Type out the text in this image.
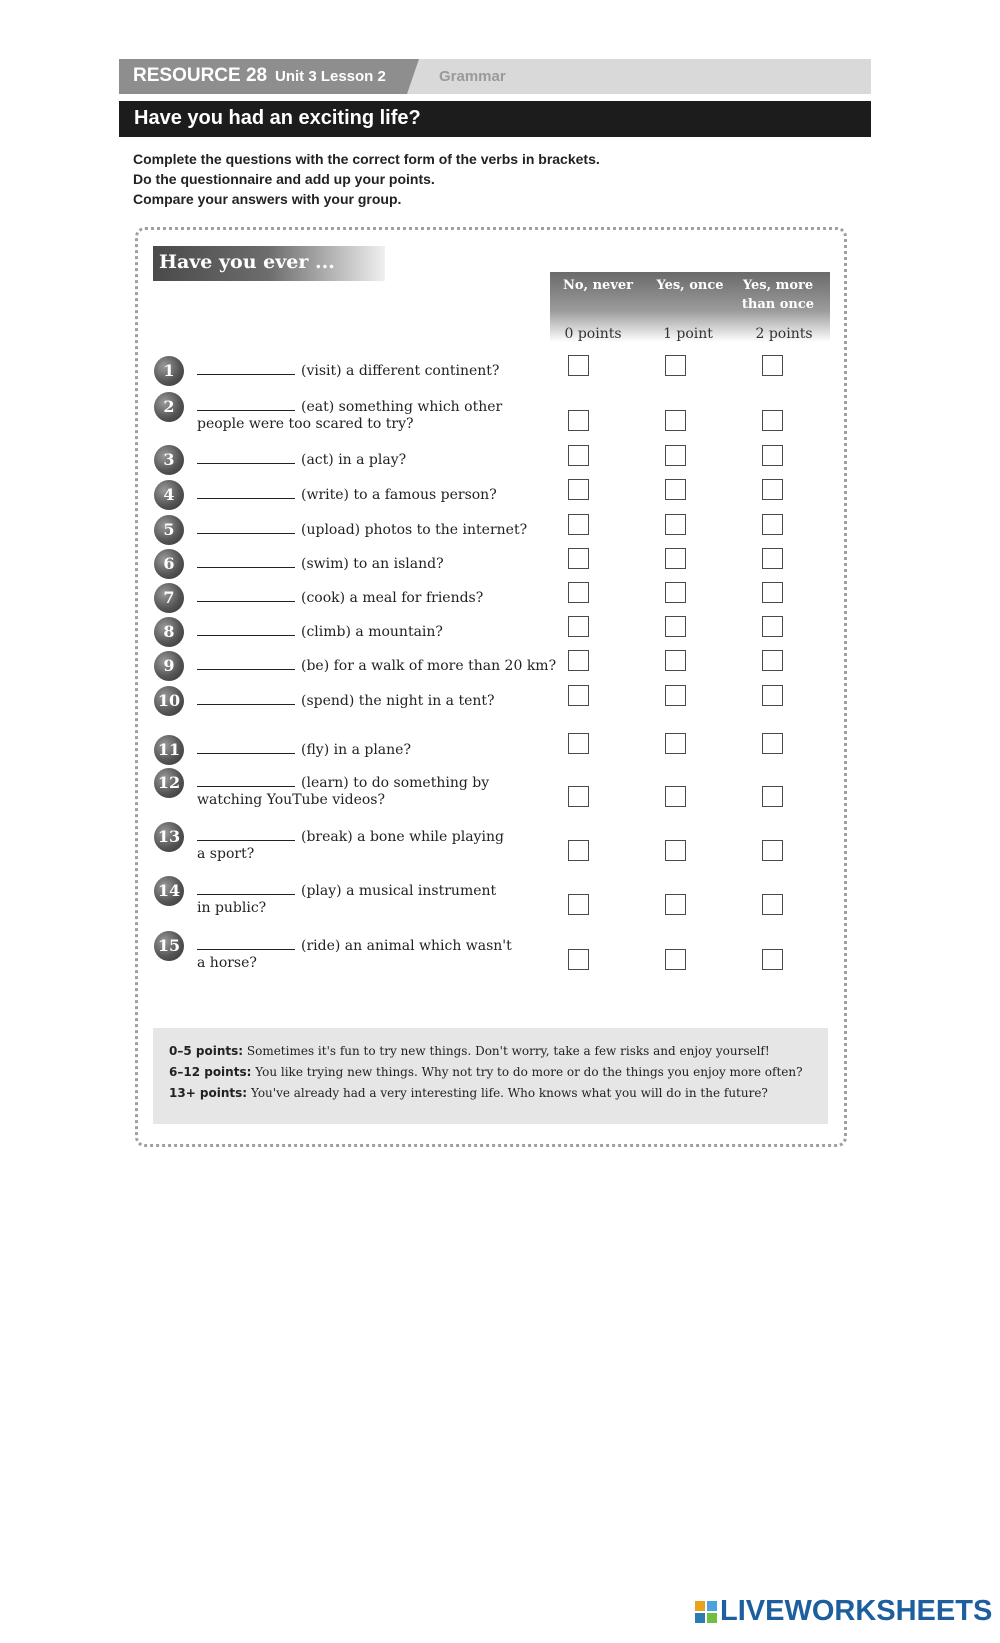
RESOURCE 28 Unit 3 Lesson 2	Grammar
Have you had an exciting life?
Complete the questions with the correct form of the verbs in brackets.
Do the questionnaire and add up your points.
Compare your answers with your group.
Have you ever ...
No, never	Yes, once	Yes, more than once
0 points	1 point	2 points
1	(visit) a different continent?
2	(eat) something which other
people were too scared to try?
3	(act) in a play?
4	(write) to a famous person?
5	(upload) photos to the internet?
6	(swim) to an island?
7	(cook) a meal for friends?
8	(climb) a mountain?
9	(be) for a walk of more than 20 km?
10	(spend) the night in a tent?
11	(fly) in a plane?
12	(learn) to do something by
watching YouTube videos?
13	(break) a bone while playing
a sport?
14	(play) a musical instrument
in public?
15	(ride) an animal which wasn't
a horse?
0–5 points: Sometimes it's fun to try new things. Don't worry, take a few risks and enjoy yourself!
6–12 points: You like trying new things. Why not try to do more or do the things you enjoy more often?
13+ points: You've already had a very interesting life. Who knows what you will do in the future?
LIVEWORKSHEETS
